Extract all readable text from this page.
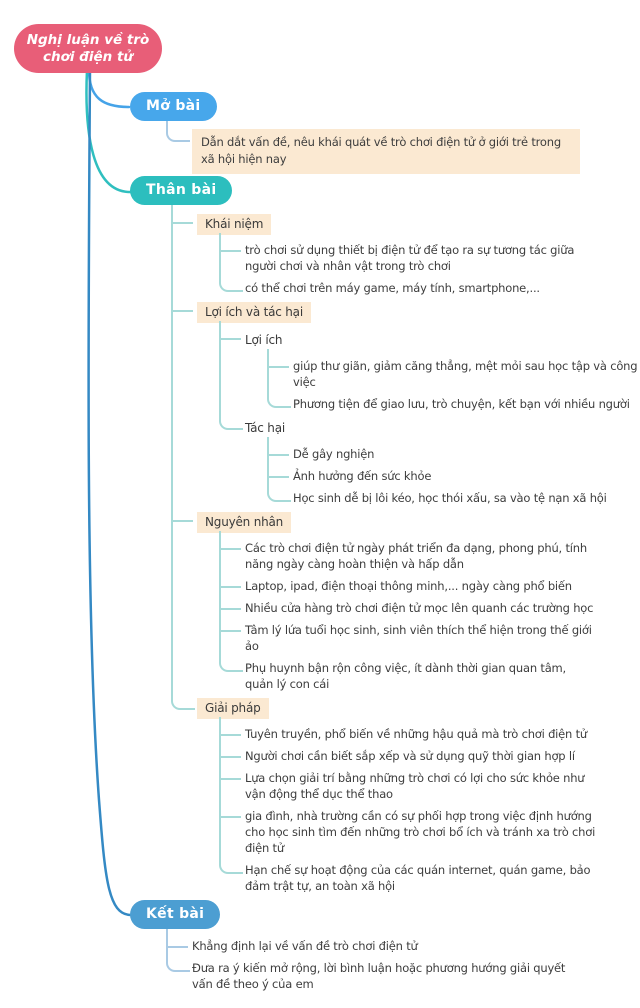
Nghị luận về trò chơi điện tử
Mở bài
Dẫn dắt vấn đề, nêu khái quát về trò chơi điện tử ở giới trẻ trong xã hội hiện nay
Thân bài
Khái niệm
trò chơi sử dụng thiết bị điện tử để tạo ra sự tương tác giữa người chơi và nhân vật trong trò chơi
có thể chơi trên máy game, máy tính, smartphone,...
Lợi ích và tác hại
Lợi ích
giúp thư giãn, giảm căng thẳng, mệt mỏi sau học tập và công việc
Phương tiện để giao lưu, trò chuyện, kết bạn với nhiều người
Tác hại
Dễ gây nghiện
Ảnh hưởng đến sức khỏe
Học sinh dễ bị lôi kéo, học thói xấu, sa vào tệ nạn xã hội
Nguyên nhân
Các trò chơi điện tử ngày phát triển đa dạng, phong phú, tính năng ngày càng hoàn thiện và hấp dẫn
Laptop, ipad, điện thoại thông minh,... ngày càng phổ biến
Nhiều cửa hàng trò chơi điện tử mọc lên quanh các trường học
Tâm lý lứa tuổi học sinh, sinh viên thích thể hiện trong thế giới ảo
Phụ huynh bận rộn công việc, ít dành thời gian quan tâm, quản lý con cái
Giải pháp
Tuyên truyền, phổ biến về những hậu quả mà trò chơi điện tử
Người chơi cần biết sắp xếp và sử dụng quỹ thời gian hợp lí
Lựa chọn giải trí bằng những trò chơi có lợi cho sức khỏe như vận động thể dục thể thao
gia đình, nhà trường cần có sự phối hợp trong việc định hướng cho học sinh tìm đến những trò chơi bổ ích và tránh xa trò chơi điện tử
Hạn chế sự hoạt động của các quán internet, quán game, bảo đảm trật tự, an toàn xã hội
Kết bài
Khẳng định lại về vấn đề trò chơi điện tử
Đưa ra ý kiến mở rộng, lời bình luận hoặc phương hướng giải quyết vấn đề theo ý của em
